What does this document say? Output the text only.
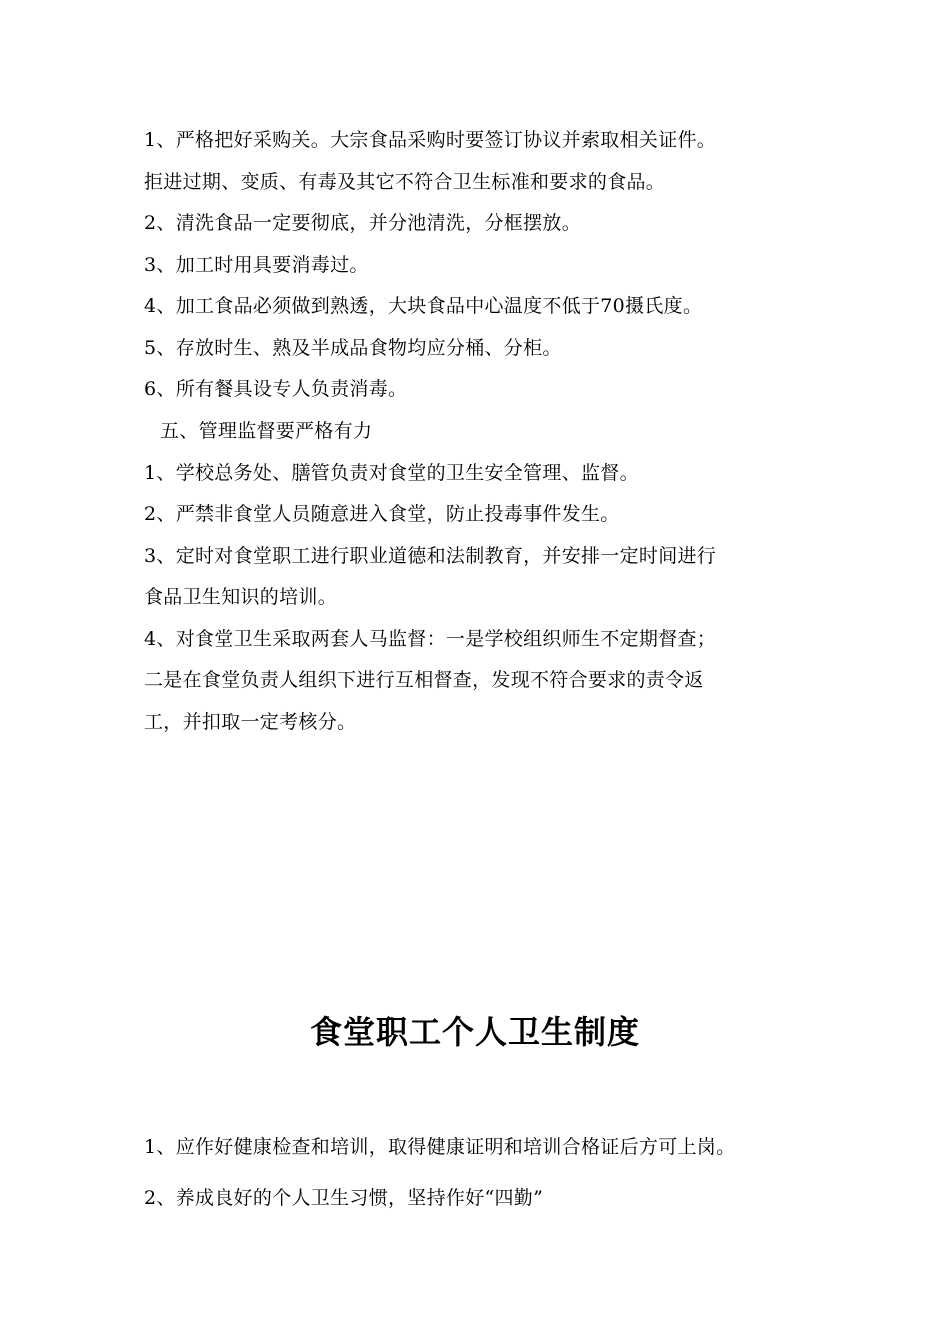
1、严格把好采购关。大宗食品采购时要签订协议并索取相关证件。
拒进过期、变质、有毒及其它不符合卫生标准和要求的食品。
2、清洗食品一定要彻底，并分池清洗，分框摆放。
3、加工时用具要消毒过。
4、加工食品必须做到熟透，大块食品中心温度不低于70摄氏度。
5、存放时生、熟及半成品食物均应分桶、分柜。
6、所有餐具设专人负责消毒。
五、管理监督要严格有力
1、学校总务处、膳管负责对食堂的卫生安全管理、监督。
2、严禁非食堂人员随意进入食堂，防止投毒事件发生。
3、定时对食堂职工进行职业道德和法制教育，并安排一定时间进行
食品卫生知识的培训。
4、对食堂卫生采取两套人马监督：一是学校组织师生不定期督查；
二是在食堂负责人组织下进行互相督查，发现不符合要求的责令返
工，并扣取一定考核分。
食堂职工个人卫生制度
1、应作好健康检查和培训，取得健康证明和培训合格证后方可上岗。
2、养成良好的个人卫生习惯，坚持作好“四勤”
